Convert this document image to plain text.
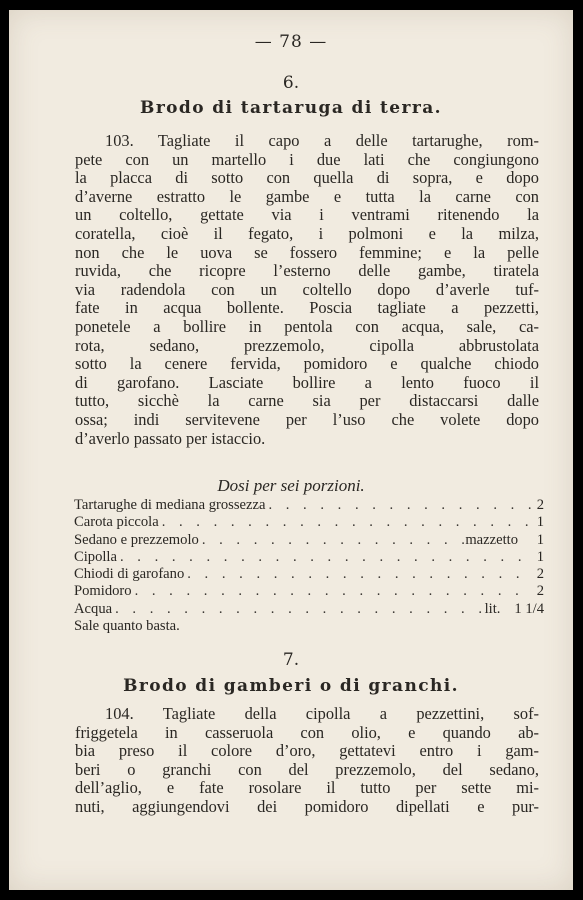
— 78 —
6.
Brodo di tartaruga di terra.
103. Tagliate il capo a delle tartarughe, rom-
pete con un martello i due lati che congiungono
la placca di sotto con quella di sopra, e dopo
d’averne estratto le gambe e tutta la carne con
un coltello, gettate via i ventrami ritenendo la
coratella, cioè il fegato, i polmoni e la milza,
non che le uova se fossero femmine; e la pelle
ruvida, che ricopre l’esterno delle gambe, tiratela
via radendola con un coltello dopo d’averle tuf-
fate in acqua bollente. Poscia tagliate a pezzetti,
ponetele a bollire in pentola con acqua, sale, ca-
rota, sedano, prezzemolo, cipolla abbrustolata
sotto la cenere fervida, pomidoro e qualche chiodo
di garofano. Lasciate bollire a lento fuoco il
tutto, sicchè la carne sia per distaccarsi dalle
ossa; indi servitevene per l’uso che volete dopo
d’averlo passato per istaccio.
Dosi per sei porzioni.
Tartarughe di mediana grossezza . . .	2
Carota piccola . . .	1
Sedano e prezzemolo . . .	mazzetto	1
Cipolla . . .	1
Chiodi di garofano . . .	2
Pomidoro . . .	2
Acqua . . .	lit. 1 1/4
Sale quanto basta.
7.
Brodo di gamberi o di granchi.
104. Tagliate della cipolla a pezzettini, sof-
friggetela in casseruola con olio, e quando ab-
bia preso il colore d’oro, gettatevi entro i gam-
beri o granchi con del prezzemolo, del sedano,
dell’aglio, e fate rosolare il tutto per sette mi-
nuti, aggiungendovi dei pomidoro dipellati e pur-
